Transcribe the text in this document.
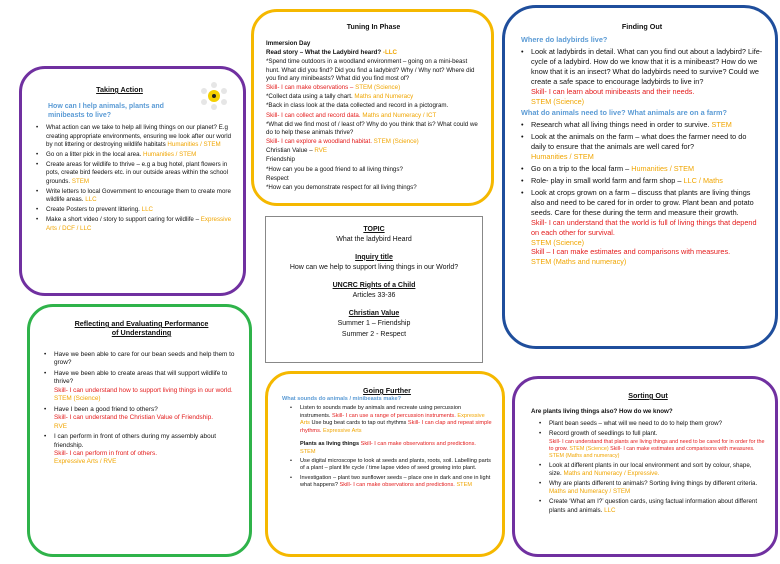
Taking Action
How can I help animals, plants and minibeasts to live?
• What action can we take to help all living things on our planet? E.g creating appropriate environments, ensuring we look after our world by not littering or destroying wildlife habitats Humanities / STEM
• Go on a litter pick in the local area. Humanities / STEM
• Create areas for wildlife to thrive – e.g a bug hotel, plant flowers in pots, create bird feeders etc. in our outside areas within the school grounds. STEM
• Write letters to local Government to encourage them to create more wildlife areas. LLC
• Create Posters to prevent littering. LLC
• Make a short video / story to support caring for wildlife – Expressive Arts / DCF / LLC
Tuning In Phase

Immersion Day

Read story – What the Ladybird heard? -LLC

*Spend time outdoors in a woodland environment – going on a mini-beast hunt. What did you find? Did you find a ladybird? Why / Why not? Where did you find any minibeasts? What did you find most of?

Skill- I can make observations – STEM (Science)

*Collect data using a tally chart. Maths and Numeracy

*Back in class look at the data collected and record in a pictogram.

Skill- I can collect and record data. Maths and Numeracy / ICT

*What did we find most of / least of? Why do you think that is? What could we do to help these animals thrive?

Skill- I can explore a woodland habitat. STEM (Science)

Christian Value – RVE

Friendship

*How can you be a good friend to all living things?

Respect

*How can you demonstrate respect for all living things?

Finding Out

Where do ladybirds live?

• Look at ladybirds in detail. What can you find out about a ladybird? Life- cycle of a ladybird. How do we know that it is a minibeast? How do we know that it is an insect? What do ladybirds need to survive? Could we create a safe space to encourage ladybirds to live in?
Skill- I can learn about minibeasts and their needs.
STEM (Science)

What do animals need to live? What animals are on a farm?

• Research what all living things need in order to survive. STEM
• Look at the animals on the farm – what does the farmer need to do daily to ensure that the animals are well cared for?
Humanities / STEM
• Go on a trip to the local farm – Humanities / STEM
• Role- play in small world farm and farm shop – LLC / Maths
• Look at crops grown on a farm – discuss that plants are living things also and need to be cared for in order to grow. Plant bean and potato seeds. Care for these during the term and measure their growth.
Skill- I can understand that the world is full of living things that depend on each other for survival.
STEM (Science)
Skill – I can make estimates and comparisons with measures.
STEM (Maths and numeracy)

TOPIC

What the ladybird Heard

Inquiry title

How can we help to support living things in our World?

UNCRC Rights of a Child

Articles 33-36

Christian Value

Summer 1 – Friendship

Summer 2 - Respect

Reflecting and Evaluating Performance of Understanding
• Have we been able to care for our bean seeds and help them to grow?
• Have we been able to create areas that will support wildlife to thrive?
Skill- I can understand how to support living things in our world.
STEM (Science)
• Have I been a good friend to others?
Skill- I can understand the Christian Value of Friendship.
RVE
• I can perform in front of others during my assembly about friendship.
Skill- I can perform in front of others.
Expressive Arts / RVE
Going Further
What sounds do animals / minibeasts make?
• Listen to sounds made by animals and recreate using percussion instruments. Skill- I can use a range of percussion instruments. Expressive Arts Use bug beat cards to tap out rhythms Skill- I can clap and repeat simple rhythms. Expressive Arts
Plants as living things Skill- I can make observations and predictions. STEM
• Use digital microscope to look at seeds and plants, roots, soil. Labelling parts of a plant – plant life cycle / time lapse video of seed growing into plant.
• Investigation – plant two sunflower seeds – place one in dark and one in light what happens? Skill- I can make observations and predictions. STEM
Sorting Out
Are plants living things also? How do we know?
• Plant bean seeds – what will we need to do to help them grow?
• Record growth of seedlings to full plant.
Skill- I can understand that plants are living things and need to be cared for in order for the to grow. STEM (Science) Skill- I can make estimates and comparisons with measures. STEM (Maths and numeracy)
• Look at different plants in our local environment and sort by colour, shape, size. Maths and Numeracy / Expressive.
• Why are plants different to animals? Sorting living things by different criteria. Maths and Numeracy / STEM
• Create ‘What am I?’ question cards, using factual information about different plants and animals. LLC
